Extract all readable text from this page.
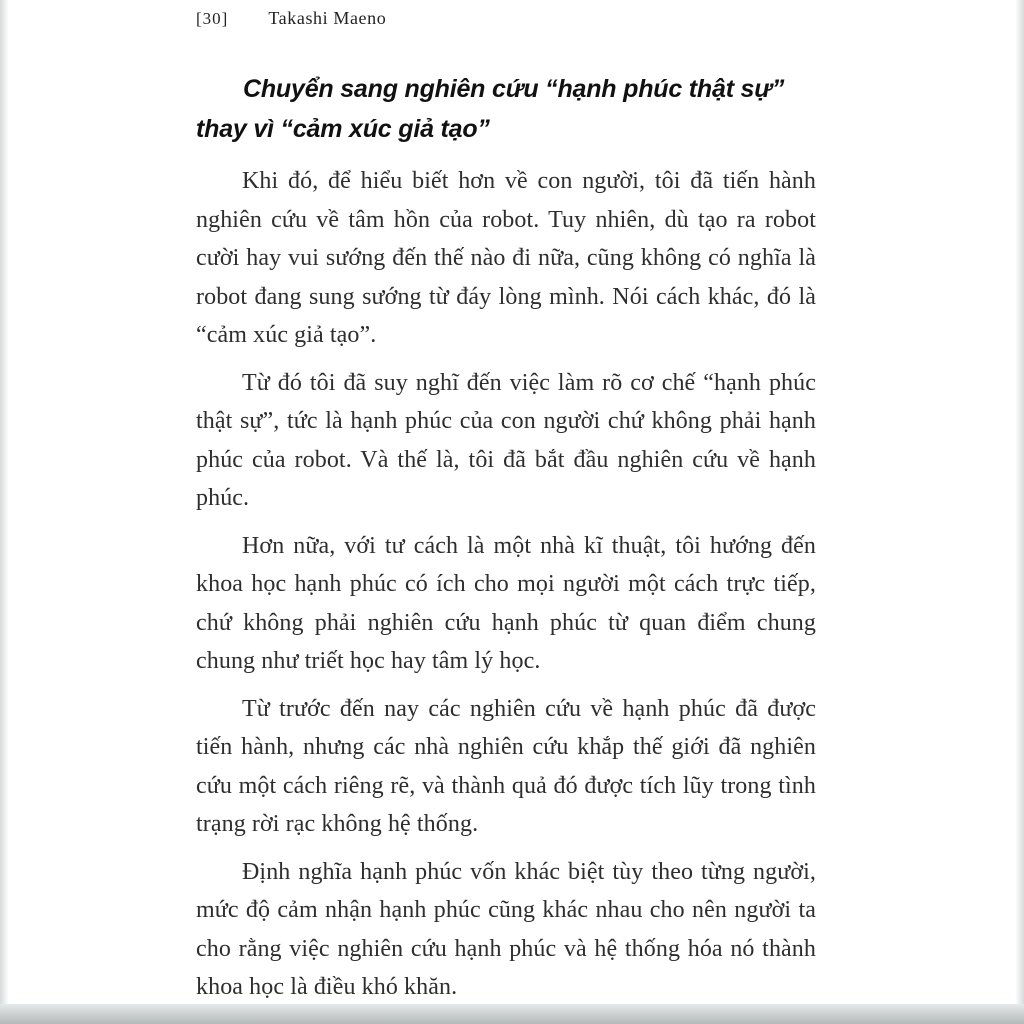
[30] Takashi Maeno
Chuyển sang nghiên cứu “hạnh phúc thật sự” thay vì “cảm xúc giả tạo”

Khi đó, để hiểu biết hơn về con người, tôi đã tiến hành nghiên cứu về tâm hồn của robot. Tuy nhiên, dù tạo ra robot cười hay vui sướng đến thế nào đi nữa, cũng không có nghĩa là robot đang sung sướng từ đáy lòng mình. Nói cách khác, đó là “cảm xúc giả tạo”.

Từ đó tôi đã suy nghĩ đến việc làm rõ cơ chế “hạnh phúc thật sự”, tức là hạnh phúc của con người chứ không phải hạnh phúc của robot. Và thế là, tôi đã bắt đầu nghiên cứu về hạnh phúc.

Hơn nữa, với tư cách là một nhà kĩ thuật, tôi hướng đến khoa học hạnh phúc có ích cho mọi người một cách trực tiếp, chứ không phải nghiên cứu hạnh phúc từ quan điểm chung chung như triết học hay tâm lý học.

Từ trước đến nay các nghiên cứu về hạnh phúc đã được tiến hành, nhưng các nhà nghiên cứu khắp thế giới đã nghiên cứu một cách riêng rẽ, và thành quả đó được tích lũy trong tình trạng rời rạc không hệ thống.

Định nghĩa hạnh phúc vốn khác biệt tùy theo từng người, mức độ cảm nhận hạnh phúc cũng khác nhau cho nên người ta cho rằng việc nghiên cứu hạnh phúc và hệ thống hóa nó thành khoa học là điều khó khăn.
